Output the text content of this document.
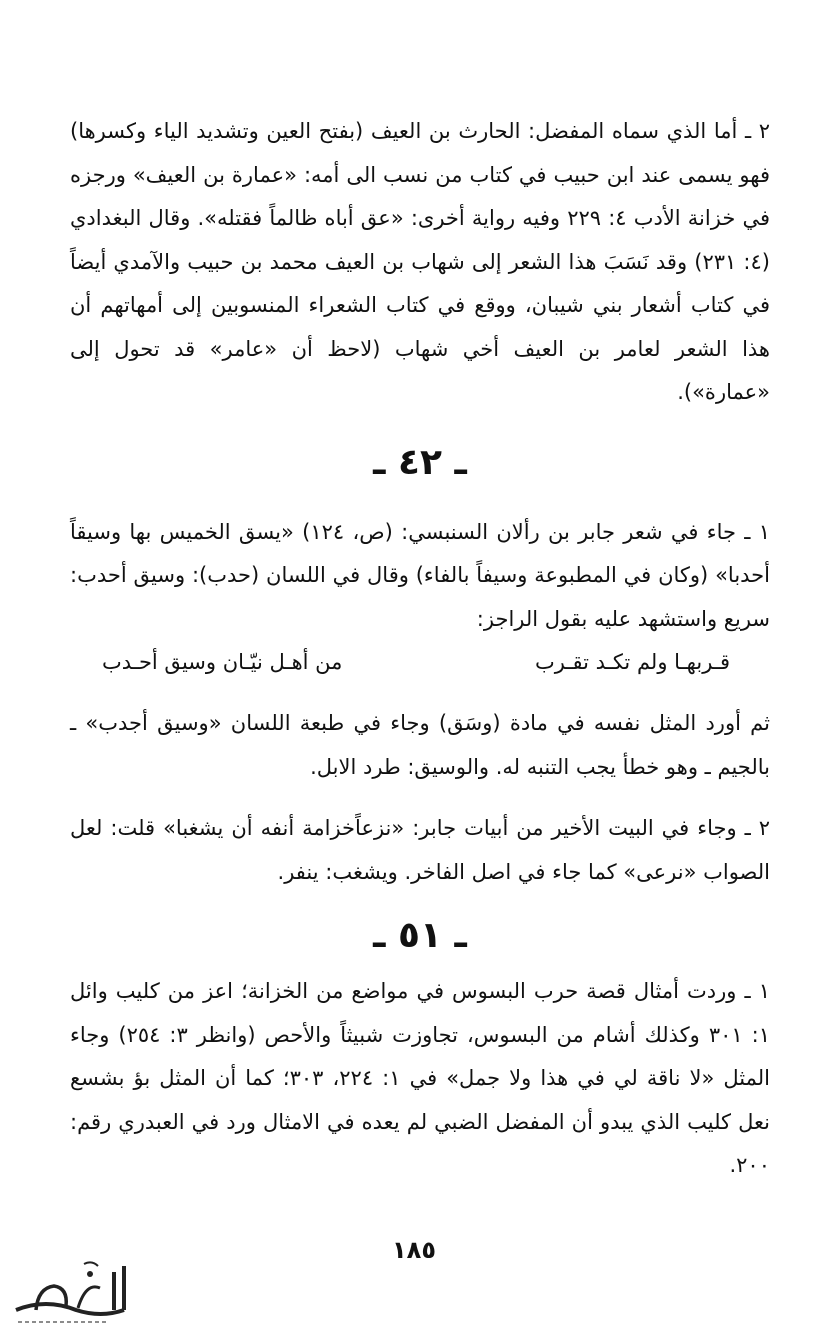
٢ ـ أما الذي سماه المفضل: الحارث بن العيف (بفتح العين وتشديد الياء وكسرها) فهو يسمى عند ابن حبيب في كتاب من نسب الى أمه: «عمارة بن العيف» ورجزه في خزانة الأدب ٤: ٢٢٩ وفيه رواية أخرى: «عق أباه ظالماً فقتله». وقال البغدادي (٤: ٢٣١) وقد نَسَبَ هذا الشعر إلى شهاب بن العيف محمد بن حبيب والآمدي أيضاً في كتاب أشعار بني شيبان، ووقع في كتاب الشعراء المنسوبين إلى أمهاتهم أن هذا الشعر لعامر بن العيف أخي شهاب (لاحظ أن «عامر» قد تحول إلى «عمارة»).

ـ ٤٢ ـ

١ ـ جاء في شعر جابر بن رألان السنبسي: (ص، ١٢٤) «يسق الخميس بها وسيقاً أحدبا» (وكان في المطبوعة وسيفاً بالفاء) وقال في اللسان (حدب): وسيق أحدب: سريع واستشهد عليه بقول الراجز:

قـربهـا ولم تكـد تقـرب
من أهـل نيّـان وسيق أحـدب

ثم أورد المثل نفسه في مادة (وسَق) وجاء في طبعة اللسان «وسيق أجدب» ـ بالجيم ـ وهو خطأ يجب التنبه له. والوسيق: طرد الابل.

٢ ـ وجاء في البيت الأخير من أبيات جابر: «نزعاًخزامة أنفه أن يشغبا» قلت: لعل الصواب «نرعى» كما جاء في اصل الفاخر. ويشغب: ينفر.

ـ ٥١ ـ

١ ـ وردت أمثال قصة حرب البسوس في مواضع من الخزانة؛ اعز من كليب وائل ١: ٣٠١ وكذلك أشام من البسوس، تجاوزت شبيثاً والأحص (وانظر ٣: ٢٥٤) وجاء المثل «لا ناقة لي في هذا ولا جمل» في ١: ٢٢٤، ٣٠٣؛ كما أن المثل بؤ بشسع نعل كليب الذي يبدو أن المفضل الضبي لم يعده في الامثال ورد في العبدري رقم: ٢٠٠.

١٨٥
